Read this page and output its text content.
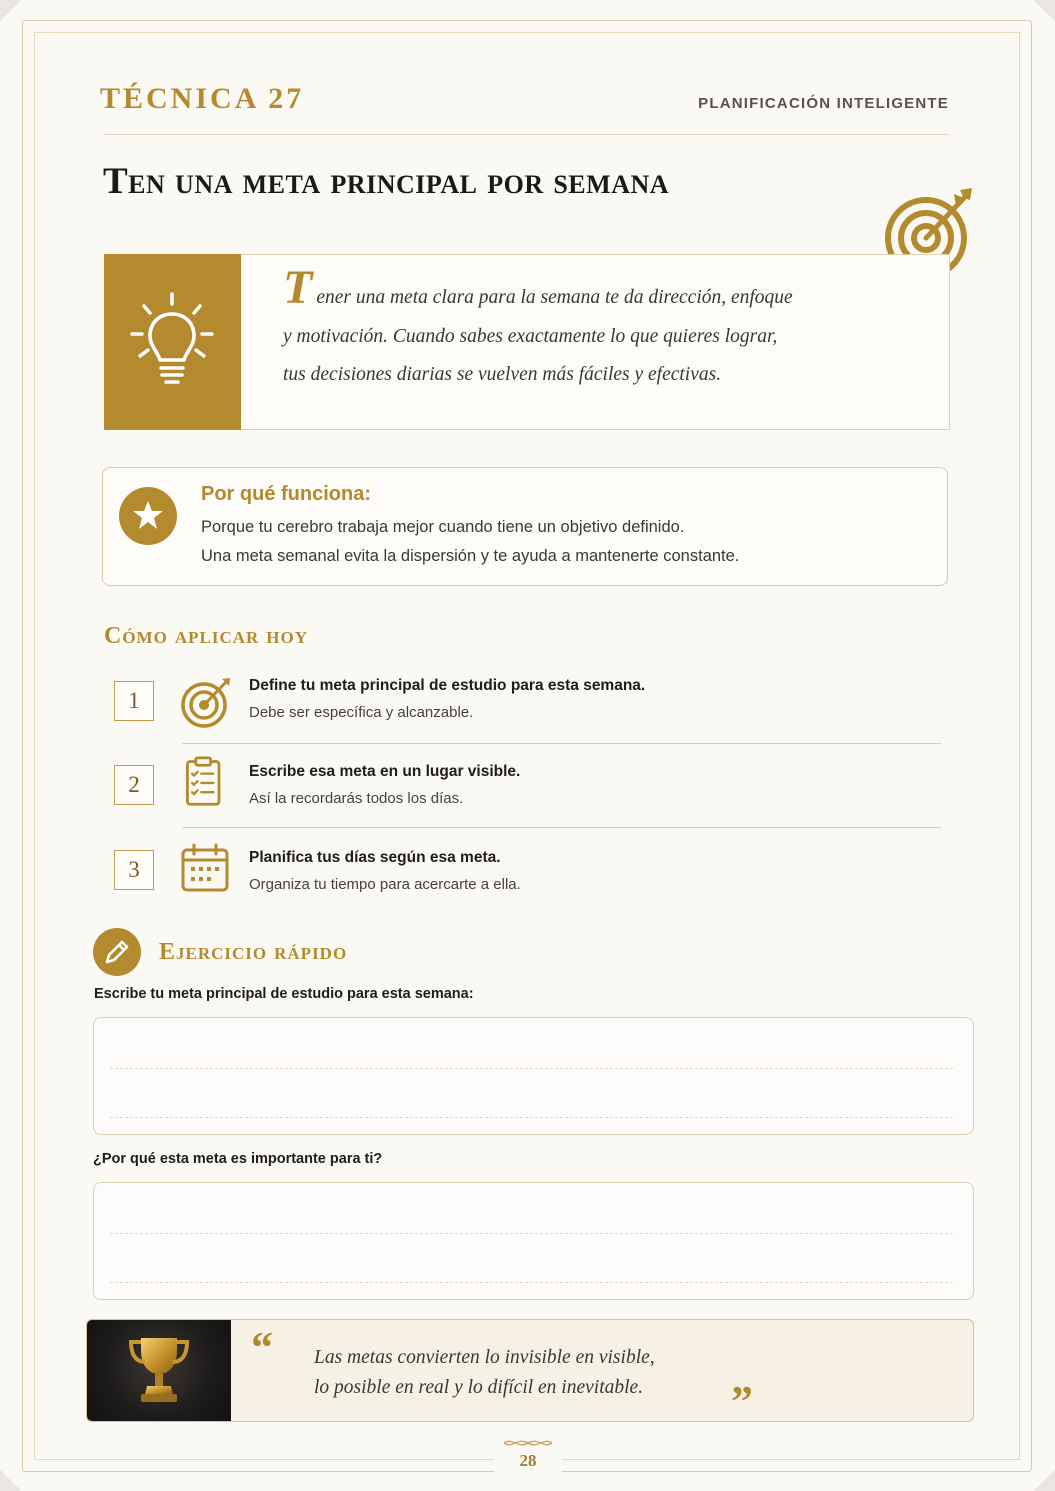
TÉCNICA 27	PLANIFICACIÓN INTELIGENTE
Ten una meta principal por semana
Tener una meta clara para la semana te da dirección, enfoque
y motivación. Cuando sabes exactamente lo que quieres lograr,
tus decisiones diarias se vuelven más fáciles y efectivas.
Por qué funciona:
Porque tu cerebro trabaja mejor cuando tiene un objetivo definido.
Una meta semanal evita la dispersión y te ayuda a mantenerte constante.
Cómo aplicar hoy
1
Define tu meta principal de estudio para esta semana.
Debe ser específica y alcanzable.
2
Escribe esa meta en un lugar visible.
Así la recordarás todos los días.
3	Planifica tus días según esa meta.
Organiza tu tiempo para acercarte a ella.
Ejercicio rápido
Escribe tu meta principal de estudio para esta semana:
¿Por qué esta meta es importante para ti?
“ Las metas convierten lo invisible en visible,
lo posible en real y lo difícil en inevitable. ”
28
